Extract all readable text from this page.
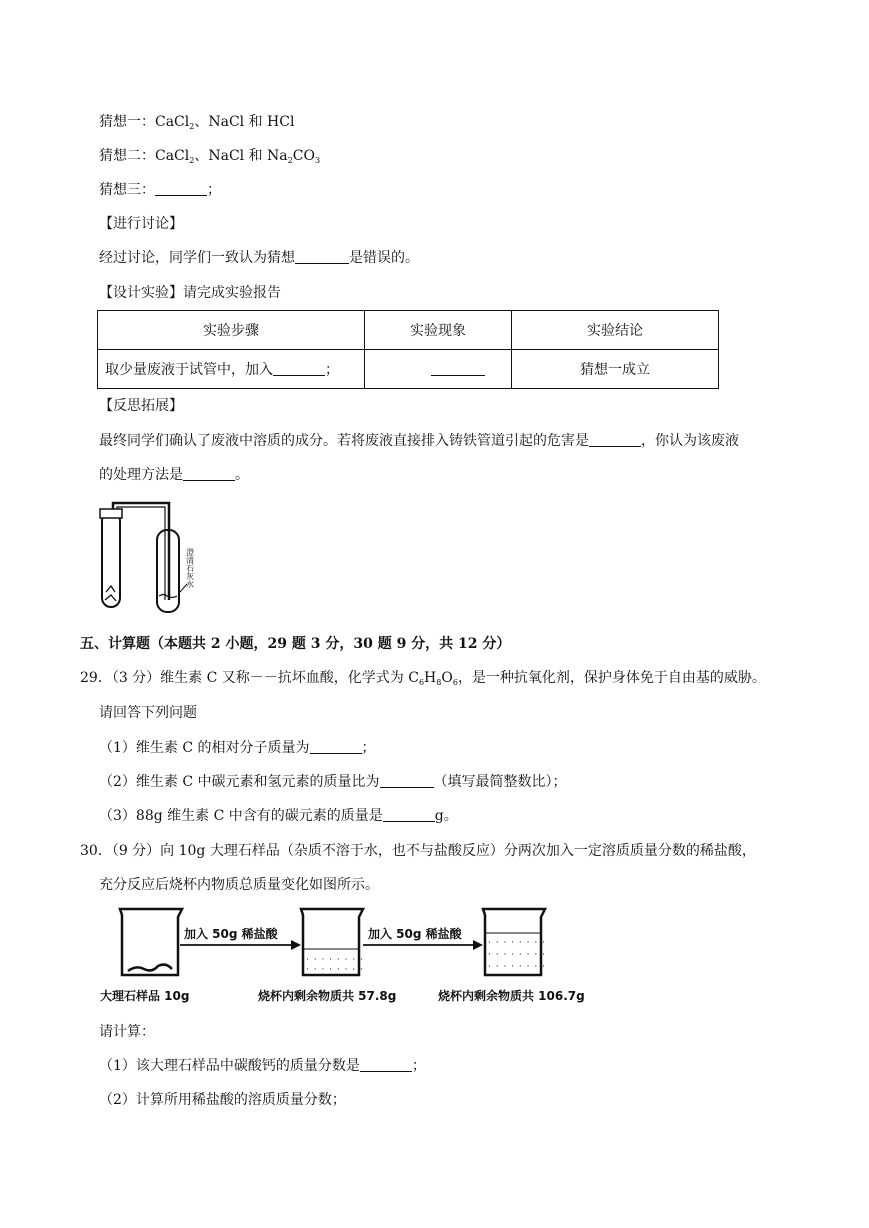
猜想一：CaCl$_2$、NaCl 和 HCl
猜想二：CaCl$_2$、NaCl 和 $Na_2CO_3$
猜想三：	；
【进行讨论】
经过讨论，同学们一致认为猜想	是错误的。
【设计实验】请完成实验报告
实验步骤	实验现象	实验结论
取少量废液于试管中，加入 ；		猜想一成立
【反思拓展】
最终同学们确认了废液中溶质的成分。若将废液直接排入铸铁管道引起的危害是	，你认为该废液
的处理方法是	。
澄清石灰水
五、计算题（本题共 2 小题，29 题 3 分，30 题 9 分，共 12 分）
29．（3 分）维生素 C 又称－－抗坏血酸，化学式为 $C_6H_8O_6$，是一种抗氧化剂，保护身体免于自由基的威胁。
请回答下列问题
（1）维生素 C 的相对分子质量为	；
（2）维生素 C 中碳元素和氢元素的质量比为	（填写最简整数比）；
（3）88g 维生素 C 中含有的碳元素的质量是	g。
30．（9 分）向 10g 大理石样品（杂质不溶于水，也不与盐酸反应）分两次加入一定溶质质量分数的稀盐酸，
充分反应后烧杯内物质总质量变化如图所示。
加入 50g 稀盐酸
· · · · · · · ·
· · · · · · · ·
加入 50g 稀盐酸
· · · · · · · ·
· · · · · · · ·
· · · · · · · ·
大理石样品 10g	烧杯内剩余物质共 57.8g	烧杯内剩余物质共 106.7g
请计算：
（1）该大理石样品中碳酸钙的质量分数是	；
（2）计算所用稀盐酸的溶质质量分数；
